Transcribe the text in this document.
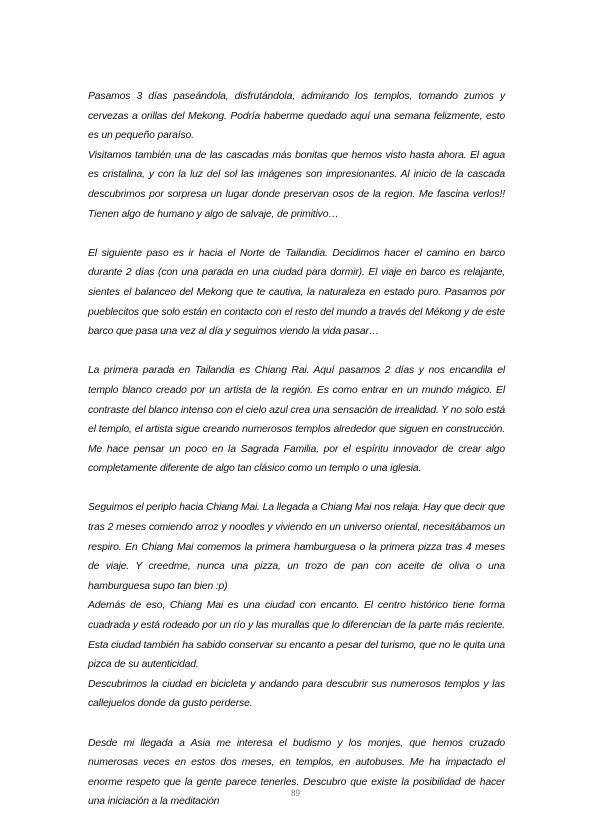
Pasamos 3 días paseándola, disfrutándola, admirando los templos, tomando zumos y cervezas a orillas del Mekong. Podría haberme quedado aquí una semana felizmente, esto es un pequeño paraíso.

Visitamos también una de las cascadas más bonitas que hemos visto hasta ahora. El agua es cristalina, y con la luz del sol las imágenes son impresionantes. Al inicio de la cascada descubrimos por sorpresa un lugar donde preservan osos de la region. Me fascina verlos!! Tienen algo de humano y algo de salvaje, de primitivo…

El siguiente paso es ir hacia el Norte de Tailandia. Decidimos hacer el camino en barco durante 2 días (con una parada en una ciudad para dormir). El viaje en barco es relajante, sientes el balanceo del Mekong que te cautiva, la naturaleza en estado puro. Pasamos por pueblecitos que solo están en contacto con el resto del mundo a través del Mékong y de este barco que pasa una vez al día y seguimos viendo la vida pasar…

La primera parada en Tailandia es Chiang Rai. Aquí pasamos 2 días y nos encandila el templo blanco creado por un artista de la región. Es como entrar en un mundo mágico. El contraste del blanco intenso con el cielo azul crea una sensación de irrealidad. Y no solo está el templo, el artista sigue creando numerosos templos alrededor que siguen en construcción. Me hace pensar un poco en la Sagrada Familia, por el espíritu innovador de crear algo completamente diferente de algo tan clásico como un templo o una iglesia.

Seguimos el periplo hacia Chiang Mai. La llegada a Chiang Mai nos relaja. Hay que decir que tras 2 meses comiendo arroz y noodles y viviendo en un universo oriental, necesitábamos un respiro. En Chiang Mai comemos la primera hamburguesa o la primera pizza tras 4 meses de viaje. Y creedme, nunca una pizza, un trozo de pan con aceite de oliva o una hamburguesa supo tan bien :p)

Además de eso, Chiang Mai es una ciudad con encanto. El centro histórico tiene forma cuadrada y está rodeado por un río y las murallas que lo diferencian de la parte más reciente. Esta ciudad también ha sabido conservar su encanto a pesar del turismo, que no le quita una pizca de su autenticidad.

Descubrimos la ciudad en bicicleta y andando para descubrir sus numerosos templos y las callejuelos donde da gusto perderse.

Desde mi llegada a Asia me interesa el budismo y los monjes, que hemos cruzado numerosas veces en estos dos meses, en templos, en autobuses. Me ha impactado el enorme respeto que la gente parece tenerles. Descubro que existe la posibilidad de hacer una iniciación a la meditación

89
